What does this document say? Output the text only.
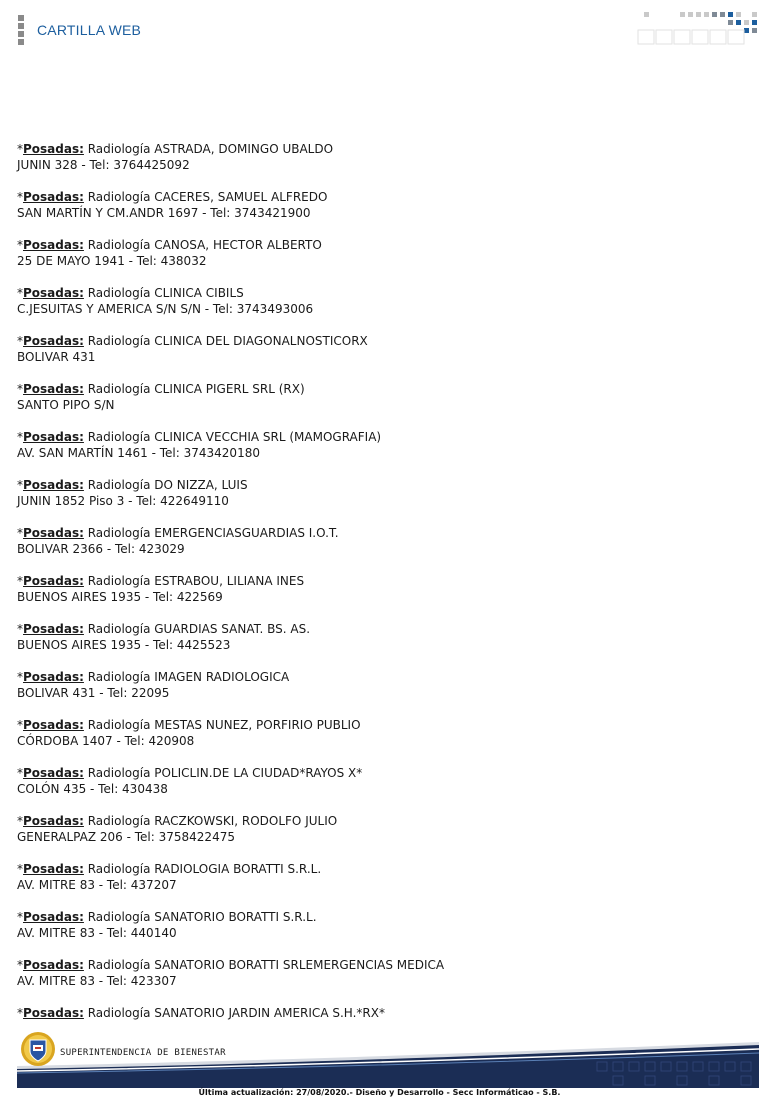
CARTILLA WEB
*Posadas: Radiología ASTRADA, DOMINGO UBALDO
JUNIN 328 - Tel: 3764425092
*Posadas: Radiología CACERES, SAMUEL ALFREDO
SAN MARTÍN Y CM.ANDR 1697 - Tel: 3743421900
*Posadas: Radiología CANOSA, HECTOR ALBERTO
25 DE MAYO 1941 - Tel: 438032
*Posadas: Radiología CLINICA CIBILS
C.JESUITAS Y AMERICA S/N S/N - Tel: 3743493006
*Posadas: Radiología CLINICA DEL DIAGONALNOSTICORX
BOLIVAR 431
*Posadas: Radiología CLINICA PIGERL SRL (RX)
SANTO PIPO S/N
*Posadas: Radiología CLINICA VECCHIA SRL (MAMOGRAFIA)
AV. SAN MARTÍN 1461 - Tel: 3743420180
*Posadas: Radiología DO NIZZA, LUIS
JUNIN 1852 Piso 3 - Tel: 422649110
*Posadas: Radiología EMERGENCIASGUARDIAS I.O.T.
BOLIVAR 2366 - Tel: 423029
*Posadas: Radiología ESTRABOU, LILIANA INES
BUENOS AIRES 1935 - Tel: 422569
*Posadas: Radiología GUARDIAS SANAT. BS. AS.
BUENOS AIRES 1935 - Tel: 4425523
*Posadas: Radiología IMAGEN RADIOLOGICA
BOLIVAR 431 - Tel: 22095
*Posadas: Radiología MESTAS NUNEZ, PORFIRIO PUBLIO
CÓRDOBA 1407 - Tel: 420908
*Posadas: Radiología POLICLIN.DE LA CIUDAD*RAYOS X*
COLÓN 435 - Tel: 430438
*Posadas: Radiología RACZKOWSKI, RODOLFO JULIO
GENERALPAZ 206 - Tel: 3758422475
*Posadas: Radiología RADIOLOGIA BORATTI S.R.L.
AV. MITRE 83 - Tel: 437207
*Posadas: Radiología SANATORIO BORATTI S.R.L.
AV. MITRE 83 - Tel: 440140
*Posadas: Radiología SANATORIO BORATTI SRLEMERGENCIAS MEDICA
AV. MITRE 83 - Tel: 423307
*Posadas: Radiología SANATORIO JARDIN AMERICA S.H.*RX*
SUPERINTENDENCIA DE BIENESTAR
Última actualización: 27/08/2020.- Diseño y Desarrollo - Secc Informáticao - S.B.
